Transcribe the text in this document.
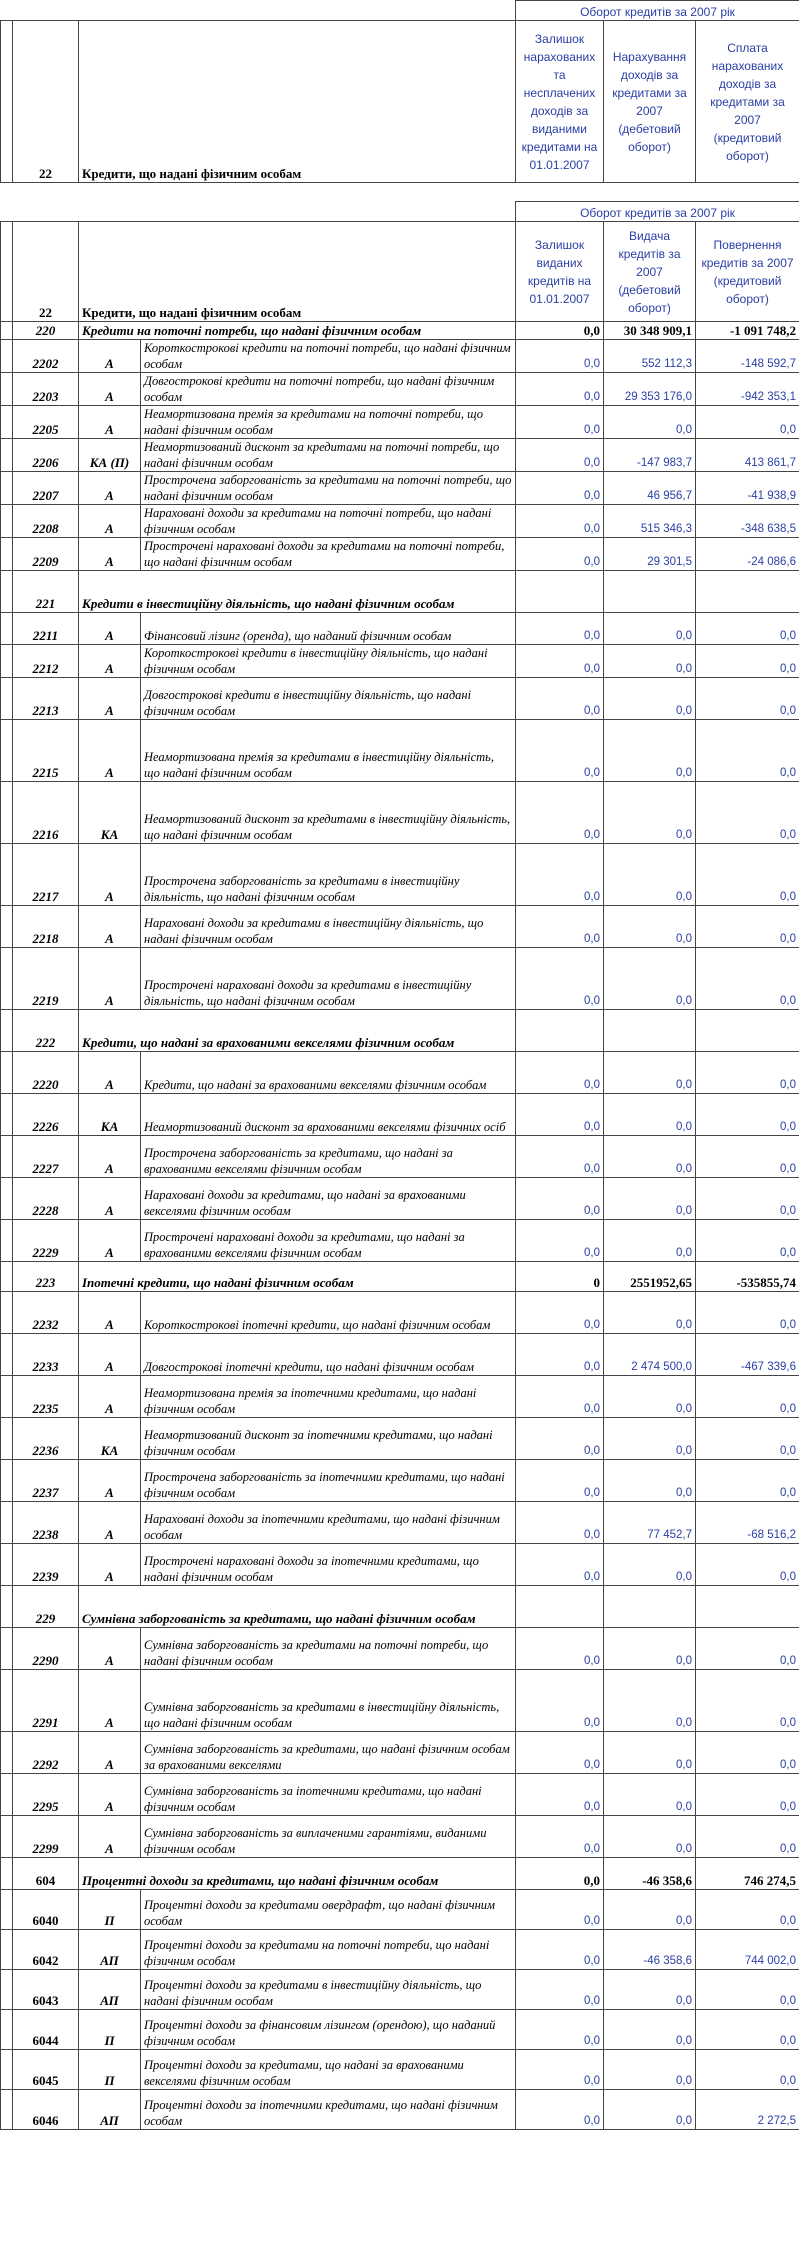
			Оборот кредитів за 2007 рік		
	22	Кредити, що надані фізичним особам	Залишок нарахованих та несплачених доходів за виданими кредитами на 01.01.2007	Нарахування доходів за кредитами за 2007 (дебетовий оборот)	Сплата нарахованих доходів за кредитами за 2007 (кредитовий оборот)
				Оборот кредитів за 2007 рік		
	22	Кредити, що надані фізичним особам		Залишок виданих кредитів на 01.01.2007	Видача кредитів за 2007 (дебетовий оборот)	Повернення кредитів за 2007 (кредитовий оборот)
	220	Кредити на поточні потреби, що надані фізичним особам		0,0	30 348 909,1	-1 091 748,2
	2202	А	Короткострокові кредити на поточні потреби, що надані фізичним особам	0,0	552 112,3	-148 592,7
	2203	А	Довгострокові кредити на поточні потреби, що надані фізичним особам	0,0	29 353 176,0	-942 353,1
	2205	А	Неамортизована премія за кредитами на поточні потреби, що надані фізичним особам	0,0	0,0	0,0
	2206	КА (П)	Неамортизований дисконт за кредитами на поточні потреби, що надані фізичним особам	0,0	-147 983,7	413 861,7
	2207	А	Прострочена заборгованість за кредитами на поточні потреби, що надані фізичним особам	0,0	46 956,7	-41 938,9
	2208	А	Нараховані доходи за кредитами на поточні потреби, що надані фізичним особам	0,0	515 346,3	-348 638,5
	2209	А	Прострочені нараховані доходи за кредитами на поточні потреби, що надані фізичним особам	0,0	29 301,5	-24 086,6
	221	Кредити в інвестиційну діяльність, що надані фізичним особам				
	2211	А	Фінансовий лізинг (оренда), що наданий фізичним особам	0,0	0,0	0,0
	2212	А	Короткострокові кредити в інвестиційну діяльність, що надані фізичним особам	0,0	0,0	0,0
	2213	А	Довгострокові кредити в інвестиційну діяльність, що надані фізичним особам	0,0	0,0	0,0
	2215	А	Неамортизована премія за кредитами в інвестиційну діяльність, що надані фізичним особам	0,0	0,0	0,0
	2216	КА	Неамортизований дисконт за кредитами в інвестиційну діяльність, що надані фізичним особам	0,0	0,0	0,0
	2217	А	Прострочена заборгованість за кредитами в інвестиційну діяльність, що надані фізичним особам	0,0	0,0	0,0
	2218	А	Нараховані доходи за кредитами в інвестиційну діяльність, що надані фізичним особам	0,0	0,0	0,0
	2219	А	Прострочені нараховані доходи за кредитами в інвестиційну діяльність, що надані фізичним особам	0,0	0,0	0,0
	222	Кредити, що надані за врахованими векселями фізичним особам				
	2220	А	Кредити, що надані за врахованими векселями фізичним особам	0,0	0,0	0,0
	2226	КА	Неамортизований дисконт за врахованими векселями фізичних осіб	0,0	0,0	0,0
	2227	А	Прострочена заборгованість за кредитами, що надані за врахованими векселями фізичним особам	0,0	0,0	0,0
	2228	А	Нараховані доходи за кредитами, що надані за врахованими векселями фізичним особам	0,0	0,0	0,0
	2229	А	Прострочені нараховані доходи за кредитами, що надані за врахованими векселями фізичним особам	0,0	0,0	0,0
	223	Іпотечні кредити, що надані фізичним особам		0	2551952,65	-535855,74
	2232	А	Короткострокові іпотечні кредити, що надані фізичним особам	0,0	0,0	0,0
	2233	А	Довгострокові іпотечні кредити, що надані фізичним особам	0,0	2 474 500,0	-467 339,6
	2235	А	Неамортизована премія за іпотечними кредитами, що надані фізичним особам	0,0	0,0	0,0
	2236	КА	Неамортизований дисконт за іпотечними кредитами, що надані фізичним особам	0,0	0,0	0,0
	2237	А	Прострочена заборгованість за іпотечними кредитами, що надані фізичним особам	0,0	0,0	0,0
	2238	А	Нараховані доходи за іпотечними кредитами, що надані фізичним особам	0,0	77 452,7	-68 516,2
	2239	А	Прострочені нараховані доходи за іпотечними кредитами, що надані фізичним особам	0,0	0,0	0,0
	229	Сумнівна заборгованість за кредитами, що надані фізичним особам				
	2290	А	Сумнівна заборгованість за кредитами на поточні потреби, що надані фізичним особам	0,0	0,0	0,0
	2291	А	Сумнівна заборгованість за кредитами в інвестиційну діяльність, що надані фізичним особам	0,0	0,0	0,0
	2292	А	Сумнівна заборгованість за кредитами, що надані фізичним особам за врахованими векселями	0,0	0,0	0,0
	2295	А	Сумнівна заборгованість за іпотечними кредитами, що надані фізичним особам	0,0	0,0	0,0
	2299	А	Сумнівна заборгованість за виплаченими гарантіями, виданими фізичним особам	0,0	0,0	0,0
	604	Процентні доходи за кредитами, що надані фізичним особам		0,0	-46 358,6	746 274,5
	6040	П	Процентні доходи за кредитами овердрафт, що надані фізичним особам	0,0	0,0	0,0
	6042	АП	Процентні доходи за кредитами на поточні потреби, що надані фізичним особам	0,0	-46 358,6	744 002,0
	6043	АП	Процентні доходи за кредитами в інвестиційну діяльність, що надані фізичним особам	0,0	0,0	0,0
	6044	П	Процентні доходи за фінансовим лізингом (орендою), що наданий фізичним особам	0,0	0,0	0,0
	6045	П	Процентні доходи за кредитами, що надані за врахованими векселями фізичним особам	0,0	0,0	0,0
	6046	АП	Процентні доходи за іпотечними кредитами, що надані фізичним особам	0,0	0,0	2 272,5
